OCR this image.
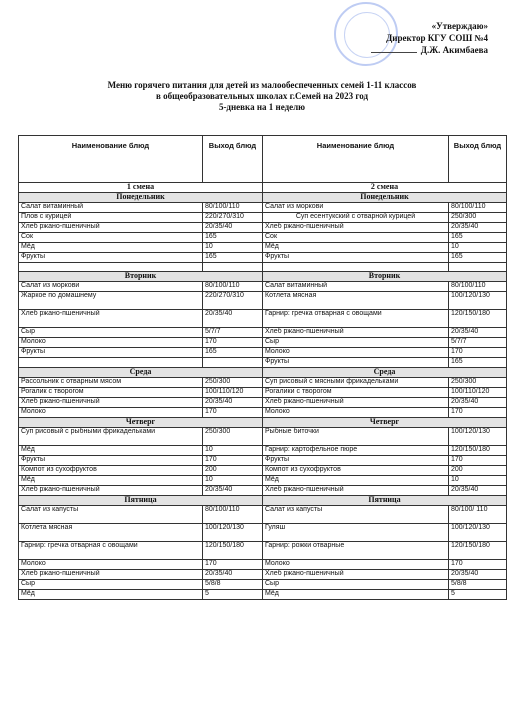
«Утверждаю»
Директор КГУ СОШ №4
Д.Ж. Акимбаева
Меню горячего питания для детей из малообеспеченных семей 1-11 классов
в общеобразовательных школах г.Семей на 2023 год
5-дневка на 1 неделю
Наименование блюд	Выход блюд	Наименование блюд	Выход блюд
1 смена		2 смена	
Понедельник		Понедельник	
Салат витаминный	80/100/110	Салат из моркови	80/100/110
Плов с курицей	220/270/310	Суп есентукский с отварной курицей	250/300
Хлеб ржано-пшеничный	20/35/40	Хлеб ржано-пшеничный	20/35/40
Сок	165	Сок	165
Мёд	10	Мёд	10
Фрукты	165	Фрукты	165

Вторник		Вторник	
Салат из моркови	80/100/110	Салат витаминный	80/100/110
Жаркое по домашнему	220/270/310	Котлета мясная	100/120/130
Хлеб ржано-пшеничный	20/35/40	Гарнир: гречка отварная с овощами	120/150/180
Сыр	5/7/7	Хлеб ржано-пшеничный	20/35/40
Молоко	170	Сыр	5/7/7
Фрукты	165	Молоко	170
		Фрукты	165
Среда		Среда	
Рассольник с отварным мясом	250/300	Суп рисовый с мясными фрикадельками	250/300
Рогалик с творогом	100/110/120	Рогалики с творогом	100/110/120
Хлеб ржано-пшеничный	20/35/40	Хлеб ржано-пшеничный	20/35/40
Молоко	170	Молоко	170
Четверг		Четверг	
Суп рисовый с рыбными фрикадельками	250/300	Рыбные биточки	100/120/130
Мёд	10	Гарнир: картофельное пюре	120/150/180
Фрукты	170	Фрукты	170
Компот из сухофруктов	200	Компот из сухофруктов	200
Мёд	10	Мёд	10
Хлеб ржано-пшеничный	20/35/40	Хлеб ржано-пшеничный	20/35/40
Пятница		Пятница	
Салат из капусты	80/100/110	Салат из капусты	80/100/ 110
Котлета мясная	100/120/130	Гуляш	100/120/130
Гарнир: гречка отварная с овощами	120/150/180	Гарнир: рожки отварные	120/150/180
Молоко	170	Молоко	170
Хлеб ржано-пшеничный	20/35/40	Хлеб ржано-пшеничный	20/35/40
Сыр	5/8/8	Сыр	5/8/8
Мёд	5	Мёд	5
